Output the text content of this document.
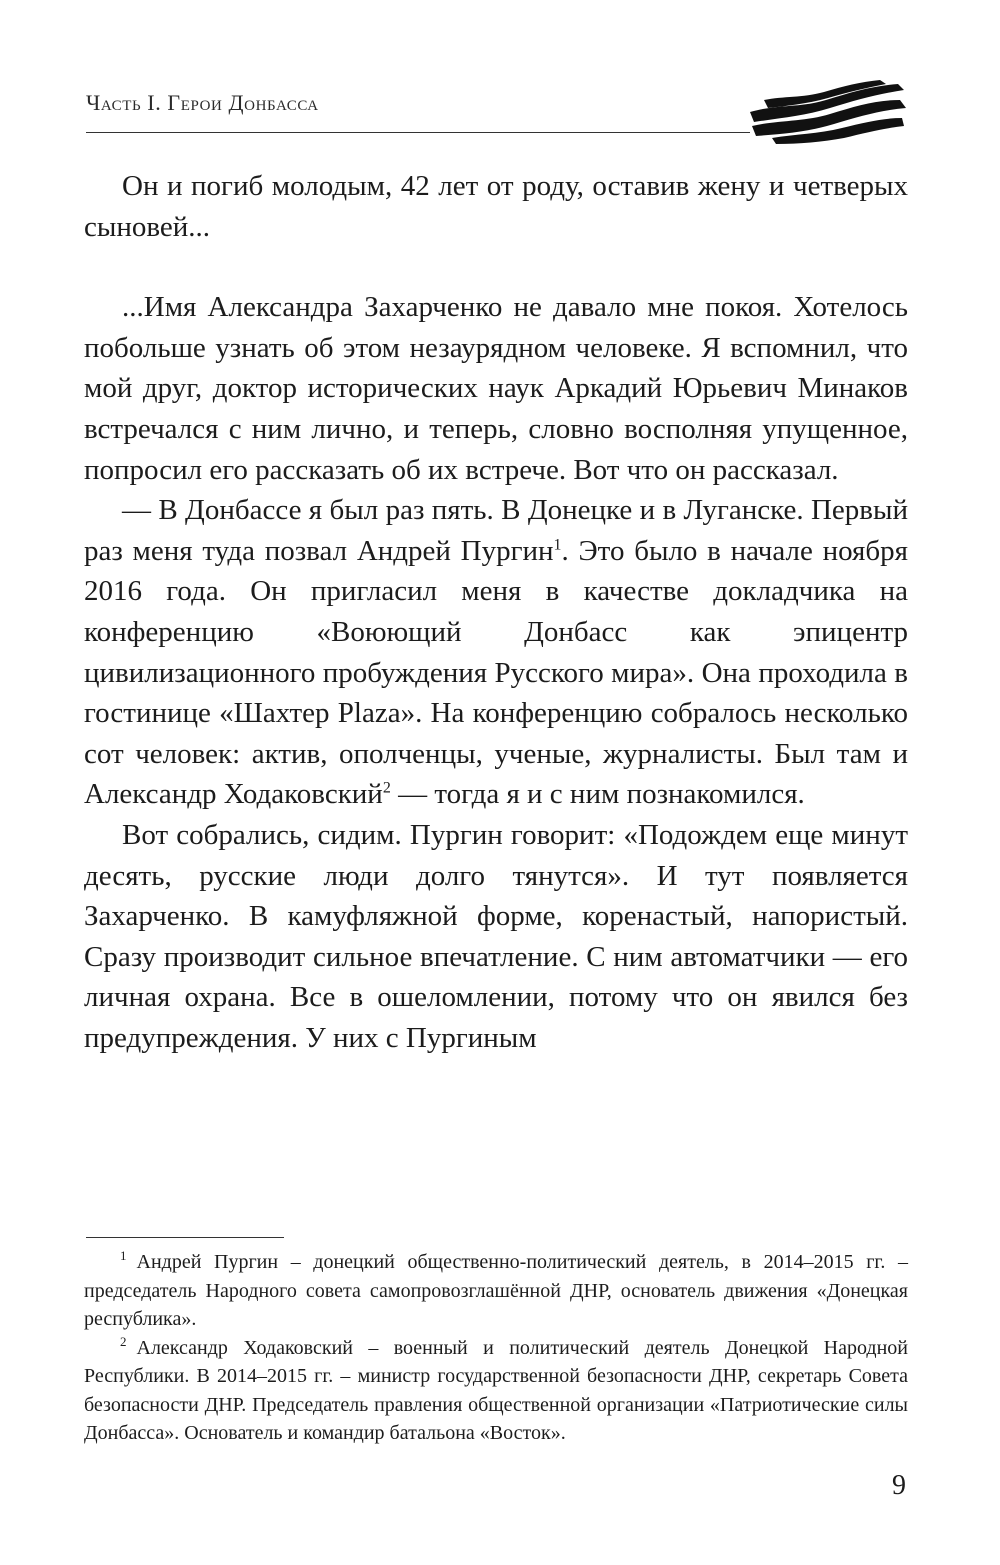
Часть I. Герои Донбасса

Он и погиб молодым, 42 лет от роду, оставив жену и четверых сыновей...

...Имя Александра Захарченко не давало мне покоя. Хотелось побольше узнать об этом незаурядном человеке. Я вспомнил, что мой друг, доктор исторических наук Аркадий Юрьевич Минаков встречался с ним лично, и теперь, словно восполняя упущенное, попросил его рассказать об их встрече. Вот что он рассказал.

— В Донбассе я был раз пять. В Донецке и в Луганске. Первый раз меня туда позвал Андрей Пургин$^1$. Это было в начале ноября 2016 года. Он пригласил меня в качестве докладчика на конференцию «Воюющий Донбасс как эпицентр цивилизационного пробуждения Русского мира». Она проходила в гостинице «Шахтер Plaza». На конференцию собралось несколько сот человек: актив, ополченцы, ученые, журналисты. Был там и Александр Ходаковский$^2$ — тогда я и с ним познакомился.

Вот собрались, сидим. Пургин говорит: «Подождем еще минут десять, русские люди долго тянутся». И тут появляется Захарченко. В камуфляжной форме, коренастый, напористый. Сразу производит сильное впечатление. С ним автоматчики — его личная охрана. Все в ошеломлении, потому что он явился без предупреждения. У них с Пургиным

$^1$ Андрей Пургин – донецкий общественно-политический деятель, в 2014–2015 гг. – председатель Народного совета самопровозглашённой ДНР, основатель движения «Донецкая республика».

$^2$ Александр Ходаковский – военный и политический деятель Донецкой Народной Республики. В 2014–2015 гг. – министр государственной безопасности ДНР, секретарь Совета безопасности ДНР. Председатель правления общественной организации «Патриотические силы Донбасса». Основатель и командир батальона «Восток».

9
